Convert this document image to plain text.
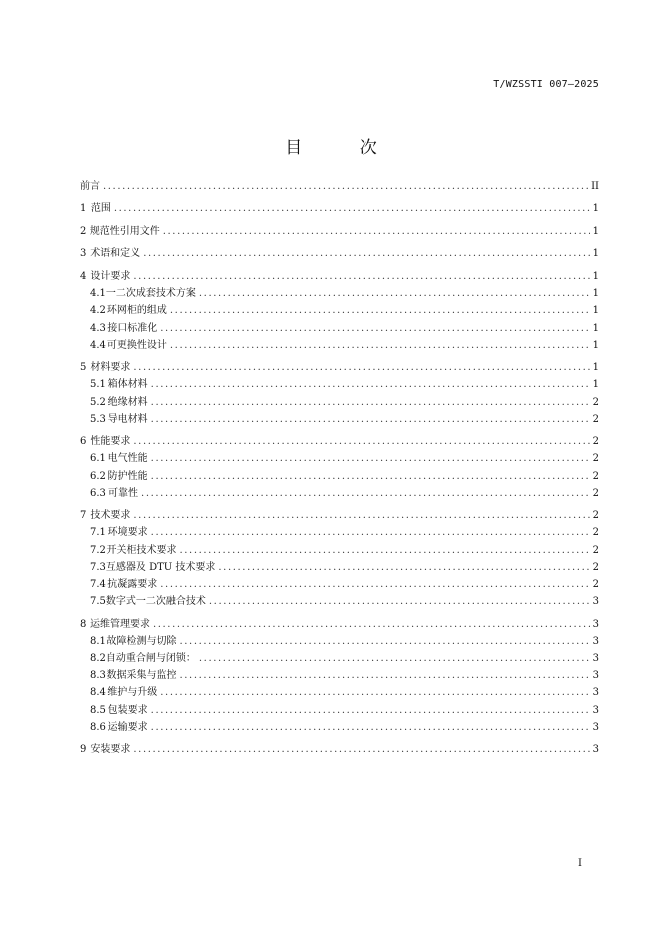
T/WZSSTI 007—2025
目 次
前言 .....	II
1 范围 .....	1
2 规范性引用文件 .....	1
3 术语和定义 .....	1
4 设计要求 .....	1
4.1 一二次成套技术方案 .....	1
4.2 环网柜的组成 .....	1
4.3 接口标准化 .....	1
4.4 可更换性设计 .....	1
5 材料要求 .....	1
5.1 箱体材料 .....	1
5.2 绝缘材料 .....	2
5.3 导电材料 .....	2
6 性能要求 .....	2
6.1 电气性能 .....	2
6.2 防护性能 .....	2
6.3 可靠性 .....	2
7 技术要求 .....	2
7.1 环境要求 .....	2
7.2 开关柜技术要求 .....	2
7.3 互感器及 DTU 技术要求 .....	2
7.4 抗凝露要求 .....	2
7.5 数字式一二次融合技术 .....	3
8 运维管理要求 .....	3
8.1 故障检测与切除 .....	3
8.2 自动重合闸与闭锁： .....	3
8.3 数据采集与监控 .....	3
8.4 维护与升级 .....	3
8.5 包装要求 .....	3
8.6 运输要求 .....	3
9 安装要求 .....	3
I
